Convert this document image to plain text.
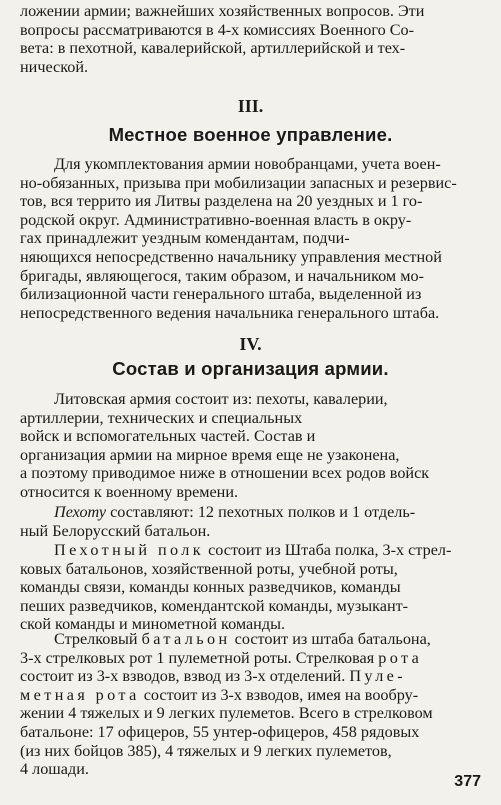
ложении армии; важнейших хозяйственных вопросов. Эти
вопросы рассматриваются в 4-х комиссиях Военного Со-
вета: в пехотной, кавалерийской, артиллерийской и тех-
нической.
III.
Местное военное управление.
Для укомплектования армии новобранцами, учета воен-
но-обязанных, призыва при мобилизации запасных и резервис-
тов, вся террито ия Литвы разделена на 20 уездных и 1 го-
родской округ. Административно-военная власть в окру-
гах принадлежит уездным комендантам, подчи-
няющихся непосредственно начальнику управления местной
бригады, являющегося, таким образом, и начальником мо-
билизационной части генерального штаба, выделенной из
непосредственного ведения начальника генерального штаба.
IV.
Состав и организация армии.
Литовская армия состоит из: пехоты, кавалерии,
артиллерии, технических и специальных
войск и вспомогательных частей. Состав и
организация армии на мирное время еще не узаконена,
а поэтому приводимое ниже в отношении всех родов войск
относится к военному времени.
Пехоту составляют: 12 пехотных полков и 1 отдель-
ный Белорусский батальон.
Пехотный полк состоит из Штаба полка, 3-х стрел-
ковых батальонов, хозяйственной роты, учебной роты,
команды связи, команды конных разведчиков, команды
пеших разведчиков, комендантской команды, музыкант-
ской команды и минометной команды.
Стрелковый батальон состоит из штаба батальона,
3-х стрелковых рот 1 пулеметной роты. Стрелковая рота
состоит из 3-х взводов, взвод из 3-х отделений. Пуле-
метная рота состоит из 3-х взводов, имея на вообру-
жении 4 тяжелых и 9 легких пулеметов. Всего в стрелковом
батальоне: 17 офицеров, 55 унтер-офицеров, 458 рядовых
(из них бойцов 385), 4 тяжелых и 9 легких пулеметов,
4 лошади.
377
